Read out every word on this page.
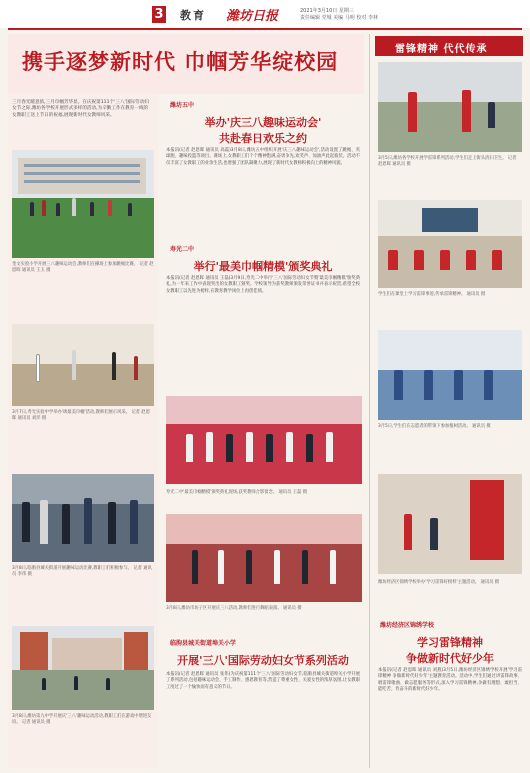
3 教育 潍坊日报	2021年3月10日 星期三
责任编辑 党城 美编 马明 校对 李林
携手逐梦新时代 巾帼芳华绽校园
三月春光暖意浓,三月巾帼芳华显。在庆祝第111个'三八'国际劳动妇女节之际,潍坊各学校开展形式多样的活动,为辛勤工作在教育一线的女教职工送上节日的祝福,展现新时代女教师风采。
奎文实验小学开展三八趣味运动会,教师们在操场上参加跳绳比赛。 记者 赵恩晖 通讯员 王玉 摄
3月7日,寿光实验中学举办'颂最美巾帼'活动,教师们展示风采。 记者 赵恩晖 通讯员 刘洋 摄
3月8日,临朐县城关街道开展趣味运动比赛,教职工们积极参与。 记者 通讯员 李伟 摄
3月8日,潍坊第九中学开展庆'三八'趣味运动活动,教职工们在游戏中增进友谊。 记者 通讯员 摄
潍坊五中
举办'庆三八趣味运动会'
共赴春日欢乐之约
本报讯(记者 赵恩晖 通讯员 高磊)3月8日,潍坊五中组织开展'庆三八趣味运动会',活动设置了跳绳、夹球跑、趣味投篮等项目。赛场上,女教职工们个个精神饱满,奋勇争先,欢笑声、加油声此起彼伏。活动不仅丰富了女教职工的业余生活,也增强了团队凝聚力,展现了新时代女教师积极向上的精神风貌。
寿光二中
举行'最美巾帼精模'颁奖典礼
本报讯(记者 赵恩晖 通讯员 王磊)3月9日,寿光二中举行'三八'国际劳动妇女节暨'最美巾帼精模'颁奖典礼,为一年来工作中表现突出的女教职工颁奖。学校领导为获奖教师颁发荣誉证书并表示祝贺,希望全校女教职工以先进为榜样,在教育教学岗位上再创佳绩。
寿光二中'最美巾帼精模'颁奖典礼现场,获奖教师合影留念。 通讯员 王磊 摄
3月8日,潍坊市坊子区开展庆三八活动,教师们进行舞蹈表演。 通讯员 摄
临朐县城关街道埠关小学
开展'三八'国际劳动妇女节系列活动
本报讯(记者 赵恩晖 通讯员 张伟)为庆祝第111个'三八'国际劳动妇女节,临朐县城关街道埠关小学开展了系列活动,包括趣味运动会、手工制作、感恩教育等,营造了尊重女性、关爱女性的浓厚氛围,让女教职工度过了一个愉快而有意义的节日。
雷锋精神 代代传承
3月5日,潍坊各学校开展学雷锋系列活动,学生们走上街头清扫卫生。 记者 赵恩晖 通讯员 摄
学生们在课堂上学习雷锋事迹,传承雷锋精神。 通讯员 摄
3月5日,学生们在志愿者的带领下参加植树活动。 通讯员 摄
潍坊经济区锦绣学校举办'学习雷锋好榜样'主题活动。 通讯员 摄
潍坊经济区锦绣学校
学习雷锋精神
争做新时代好少年
本报讯(记者 赵恩晖 通讯员 刘燕)3月5日,潍坊经济区锦绣学校开展'学习雷锋精神 争做新时代好少年'主题教育活动。活动中,学生们通过讲雷锋故事、唱雷锋歌曲、做志愿服务等形式,深入学习雷锋精神,争做有理想、敢担当、能吃苦、肯奋斗的新时代好少年。
